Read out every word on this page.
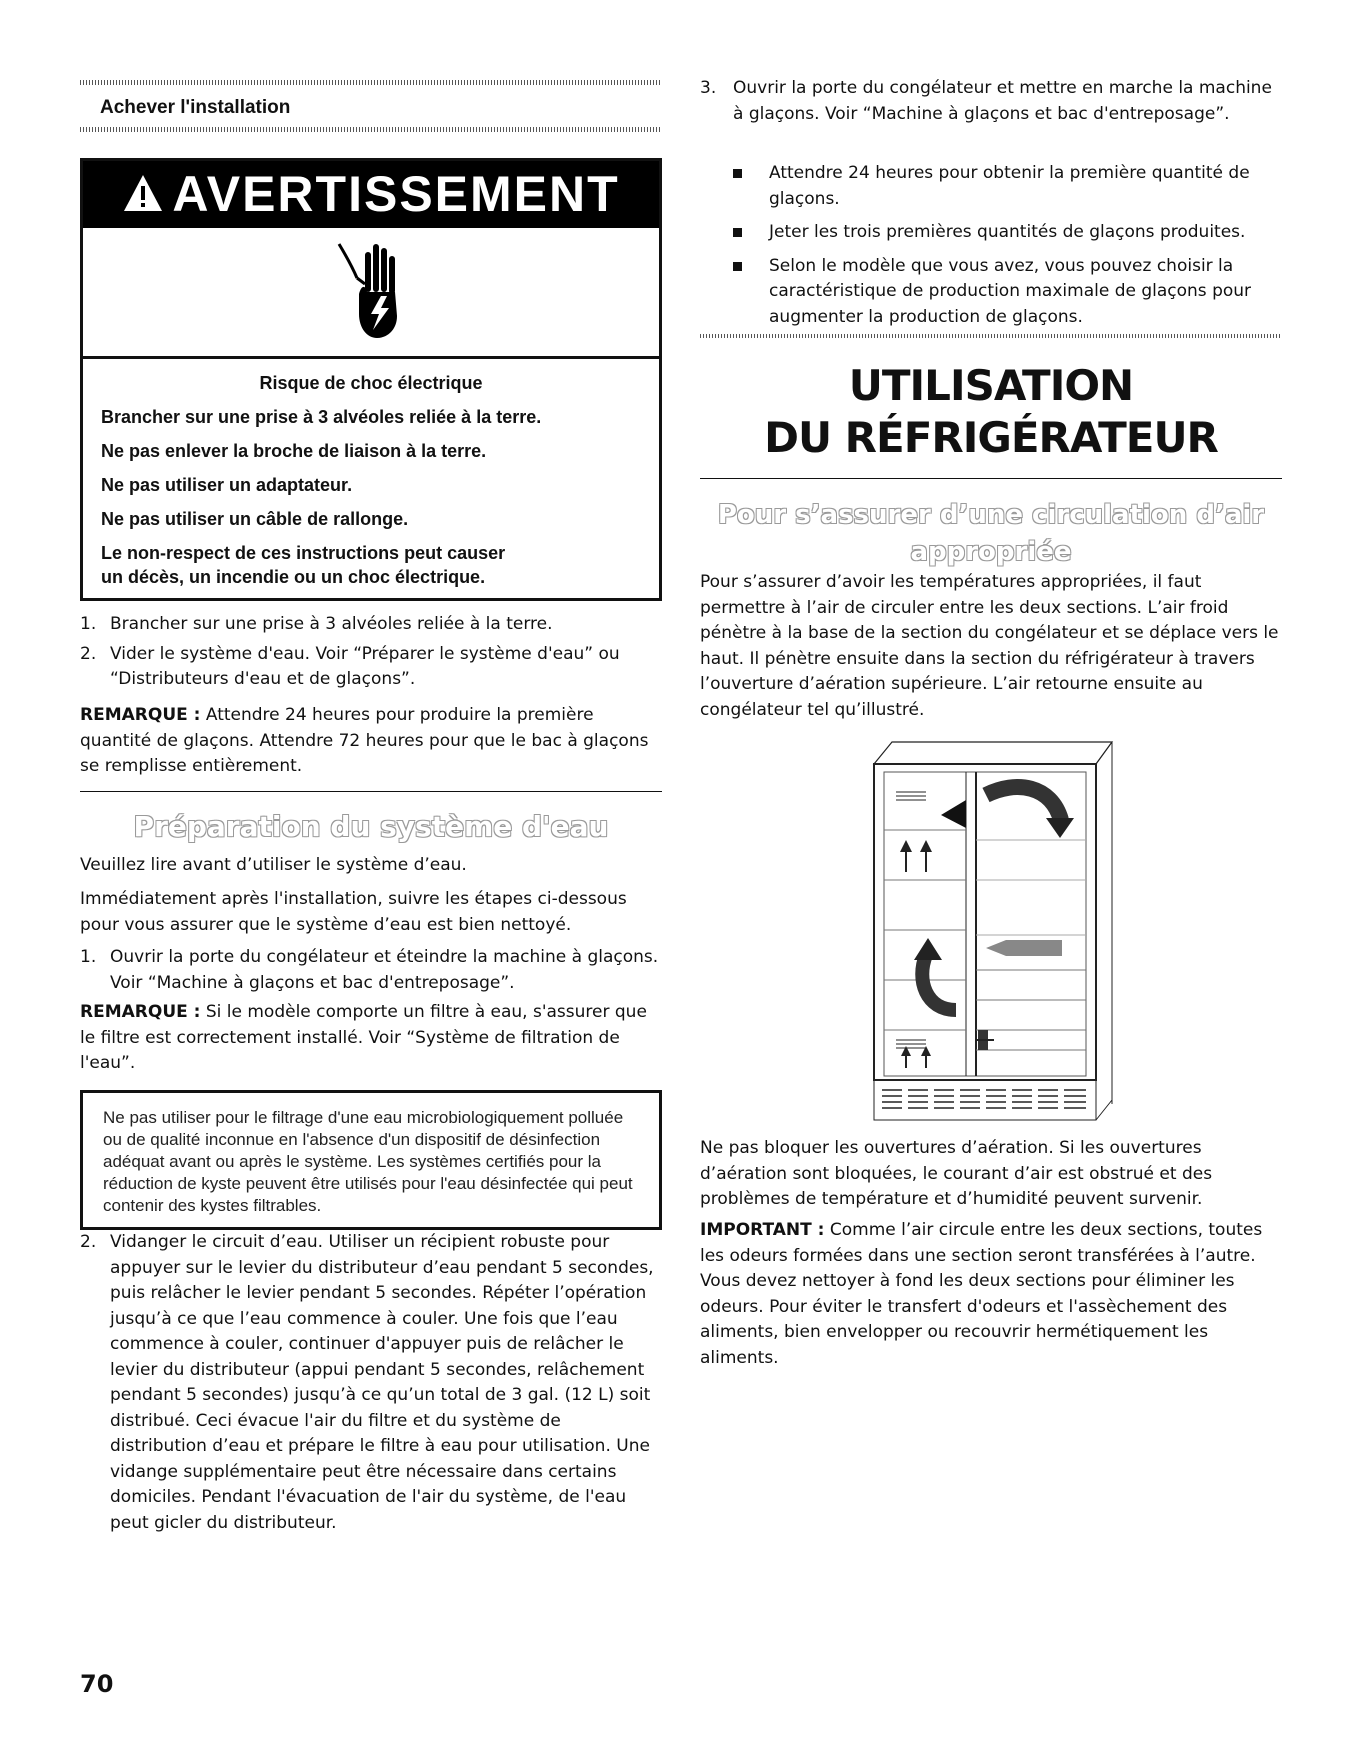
Achever l'installation
AVERTISSEMENT
Risque de choc électrique
Brancher sur une prise à 3 alvéoles reliée à la terre.
Ne pas enlever la broche de liaison à la terre.
Ne pas utiliser un adaptateur.
Ne pas utiliser un câble de rallonge.
Le non-respect de ces instructions peut causer
un décès, un incendie ou un choc électrique.
1. Brancher sur une prise à 3 alvéoles reliée à la terre.

2. Vider le système d'eau. Voir “Préparer le système d'eau” ou “Distributeurs d'eau et de glaçons”.

REMARQUE : Attendre 24 heures pour produire la première quantité de glaçons. Attendre 72 heures pour que le bac à glaçons se remplisse entièrement.

Préparation du système d'eau

Veuillez lire avant d’utiliser le système d’eau.

Immédiatement après l'installation, suivre les étapes ci-dessous pour vous assurer que le système d’eau est bien nettoyé.

1. Ouvrir la porte du congélateur et éteindre la machine à glaçons. Voir “Machine à glaçons et bac d'entreposage”.

REMARQUE : Si le modèle comporte un filtre à eau, s'assurer que le filtre est correctement installé. Voir “Système de filtration de l'eau”.

Ne pas utiliser pour le filtrage d'une eau microbiologiquement polluée ou de qualité inconnue en l'absence d'un dispositif de désinfection adéquat avant ou après le système. Les systèmes certifiés pour la réduction de kyste peuvent être utilisés pour l'eau désinfectée qui peut contenir des kystes filtrables.
2. Vidanger le circuit d’eau. Utiliser un récipient robuste pour appuyer sur le levier du distributeur d’eau pendant 5 secondes, puis relâcher le levier pendant 5 secondes. Répéter l’opération jusqu’à ce que l’eau commence à couler. Une fois que l’eau commence à couler, continuer d'appuyer puis de relâcher le levier du distributeur (appui pendant 5 secondes, relâchement pendant 5 secondes) jusqu’à ce qu’un total de 3 gal. (12 L) soit distribué. Ceci évacue l'air du filtre et du système de distribution d’eau et prépare le filtre à eau pour utilisation. Une vidange supplémentaire peut être nécessaire dans certains domiciles. Pendant l'évacuation de l'air du système, de l'eau peut gicler du distributeur.

70
3. Ouvrir la porte du congélateur et mettre en marche la machine à glaçons. Voir “Machine à glaçons et bac d'entreposage”.

Attendre 24 heures pour obtenir la première quantité de glaçons.

Jeter les trois premières quantités de glaçons produites.

Selon le modèle que vous avez, vous pouvez choisir la caractéristique de production maximale de glaçons pour augmenter la production de glaçons.

UTILISATION
DU RÉFRIGÉRATEUR
Pour s’assurer d’une circulation d’air
appropriée

Pour s’assurer d’avoir les températures appropriées, il faut permettre à l’air de circuler entre les deux sections. L’air froid pénètre à la base de la section du congélateur et se déplace vers le haut. Il pénètre ensuite dans la section du réfrigérateur à travers l’ouverture d’aération supérieure. L’air retourne ensuite au congélateur tel qu’illustré.

Ne pas bloquer les ouvertures d’aération. Si les ouvertures d’aération sont bloquées, le courant d’air est obstrué et des problèmes de température et d’humidité peuvent survenir.

IMPORTANT : Comme l’air circule entre les deux sections, toutes les odeurs formées dans une section seront transférées à l’autre. Vous devez nettoyer à fond les deux sections pour éliminer les odeurs. Pour éviter le transfert d'odeurs et l'assèchement des aliments, bien envelopper ou recouvrir hermétiquement les aliments.
